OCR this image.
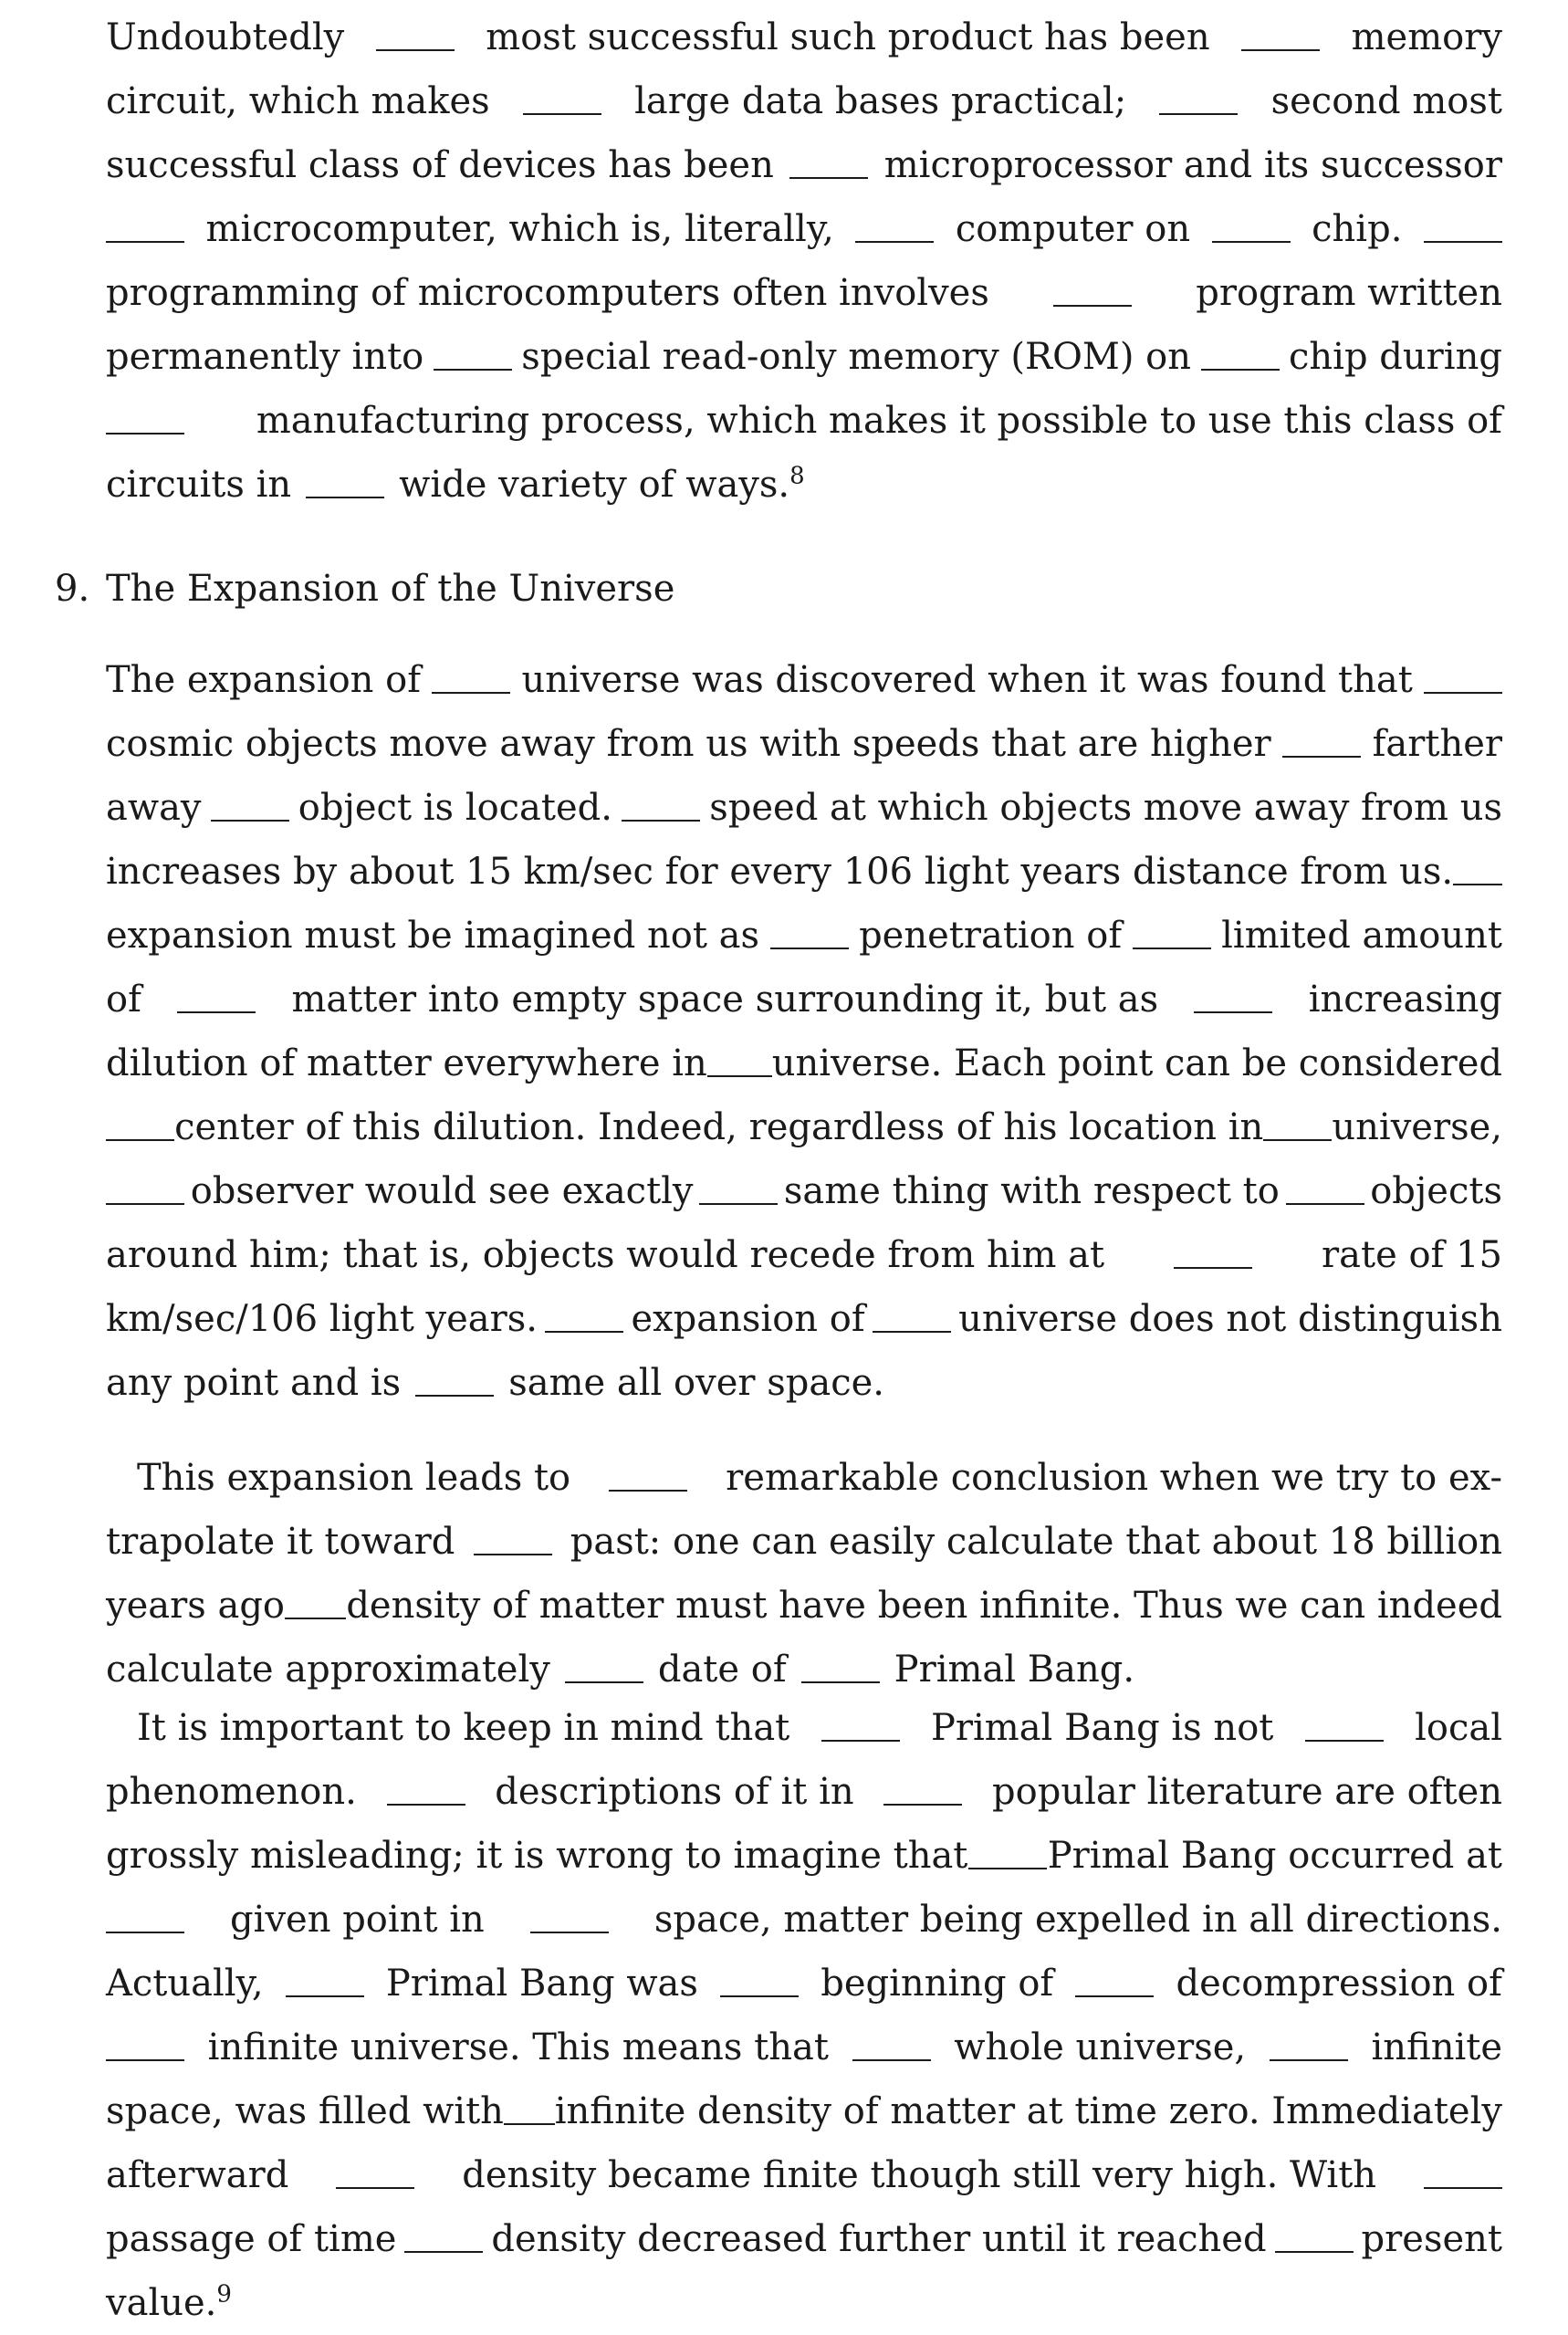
Undoubtedly	most successful such product has been	memory
circuit, which makes	large data bases practical;	second most
successful class of devices has been	microprocessor and its successor
microcomputer, which is, literally,	computer on	chip.
programming of microcomputers often involves	program written
permanently into	special read-only memory (ROM) on	chip during
manufacturing process, which makes it possible to use this class of
circuits in	wide variety of ways.$^8$
9. The Expansion of the Universe
The expansion of	universe was discovered when it was found that
cosmic objects move away from us with speeds that are higher	farther
away	object is located.	speed at which objects move away from us
increases by about 15 km/sec for every 106 light years distance from us.
expansion must be imagined not as	penetration of	limited amount
of	matter into empty space surrounding it, but as	increasing
dilution of matter everywhere in universe. Each point can be considered
center of this dilution. Indeed, regardless of his location in universe,
observer would see exactly same thing with respect to objects
around him; that is, objects would recede from him at	rate of 15
km/sec/106 light years.	expansion of	universe does not distinguish
any point and is	same all over space.
This expansion leads to	remarkable conclusion when we try to ex-
trapolate it toward	past: one can easily calculate that about 18 billion
years ago density of matter must have been infinite. Thus we can indeed
calculate approximately	date of	Primal Bang.
It is important to keep in mind that	Primal Bang is not	local
phenomenon.	descriptions of it in	popular literature are often
grossly misleading; it is wrong to imagine that Primal Bang occurred at
given point in	space, matter being expelled in all directions.
Actually,	Primal Bang was	beginning of	decompression of
infinite universe. This means that	whole universe,	infinite
space, was filled with infinite density of matter at time zero. Immediately
afterward	density became finite though still very high. With
passage of time	density decreased further until it reached	present
value.$^9$
